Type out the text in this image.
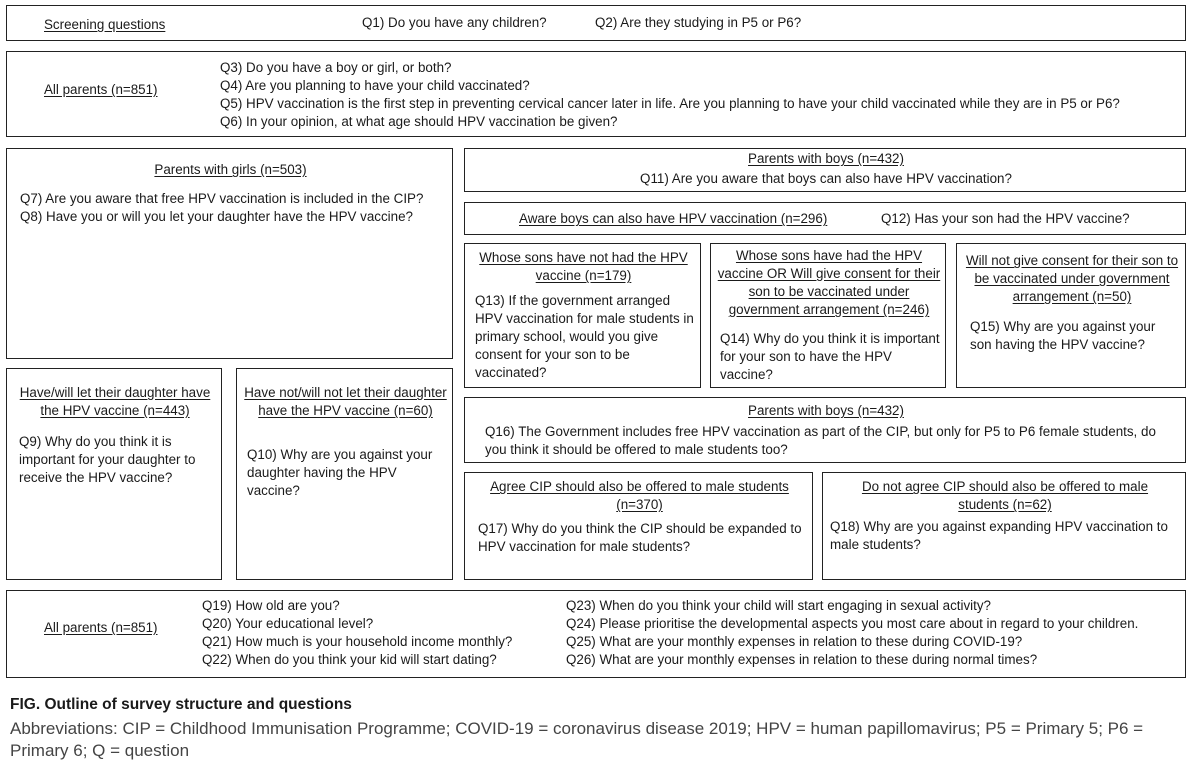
Screening questions	Q1) Do you have any children?	Q2) Are they studying in P5 or P6?
All parents (n=851)
Q3) Do you have a boy or girl, or both?
Q4) Are you planning to have your child vaccinated?
Q5) HPV vaccination is the first step in preventing cervical cancer later in life. Are you planning to have your child vaccinated while they are in P5 or P6?
Q6) In your opinion, at what age should HPV vaccination be given?
Parents with girls (n=503)
Q7) Are you aware that free HPV vaccination is included in the CIP?
Q8) Have you or will you let your daughter have the HPV vaccine?
Have/will let their daughter have the HPV vaccine (n=443)
Q9) Why do you think it is important for your daughter to receive the HPV vaccine?
Have not/will not let their daughter have the HPV vaccine (n=60)
Q10) Why are you against your daughter having the HPV vaccine?
Parents with boys (n=432)
Q11) Are you aware that boys can also have HPV vaccination?
Aware boys can also have HPV vaccination (n=296)	Q12) Has your son had the HPV vaccine?
Whose sons have not had the HPV vaccine (n=179)
Q13) If the government arranged HPV vaccination for male students in primary school, would you give consent for your son to be vaccinated?
Whose sons have had the HPV vaccine OR Will give consent for their son to be vaccinated under government arrangement (n=246)
Q14) Why do you think it is important for your son to have the HPV vaccine?
Will not give consent for their son to be vaccinated under government arrangement (n=50)
Q15) Why are you against your son having the HPV vaccine?
Parents with boys (n=432)
Q16) The Government includes free HPV vaccination as part of the CIP, but only for P5 to P6 female students, do you think it should be offered to male students too?
Agree CIP should also be offered to male students (n=370)
Q17) Why do you think the CIP should be expanded to HPV vaccination for male students?
Do not agree CIP should also be offered to male students (n=62)
Q18) Why are you against expanding HPV vaccination to male students?
All parents (n=851)
Q19) How old are you?
Q20) Your educational level?
Q21) How much is your household income monthly?
Q22) When do you think your kid will start dating?
Q23) When do you think your child will start engaging in sexual activity?
Q24) Please prioritise the developmental aspects you most care about in regard to your children.
Q25) What are your monthly expenses in relation to these during COVID-19?
Q26) What are your monthly expenses in relation to these during normal times?
FIG. Outline of survey structure and questions
Abbreviations: CIP = Childhood Immunisation Programme; COVID-19 = coronavirus disease 2019; HPV = human papillomavirus; P5 = Primary 5; P6 = Primary 6; Q = question
